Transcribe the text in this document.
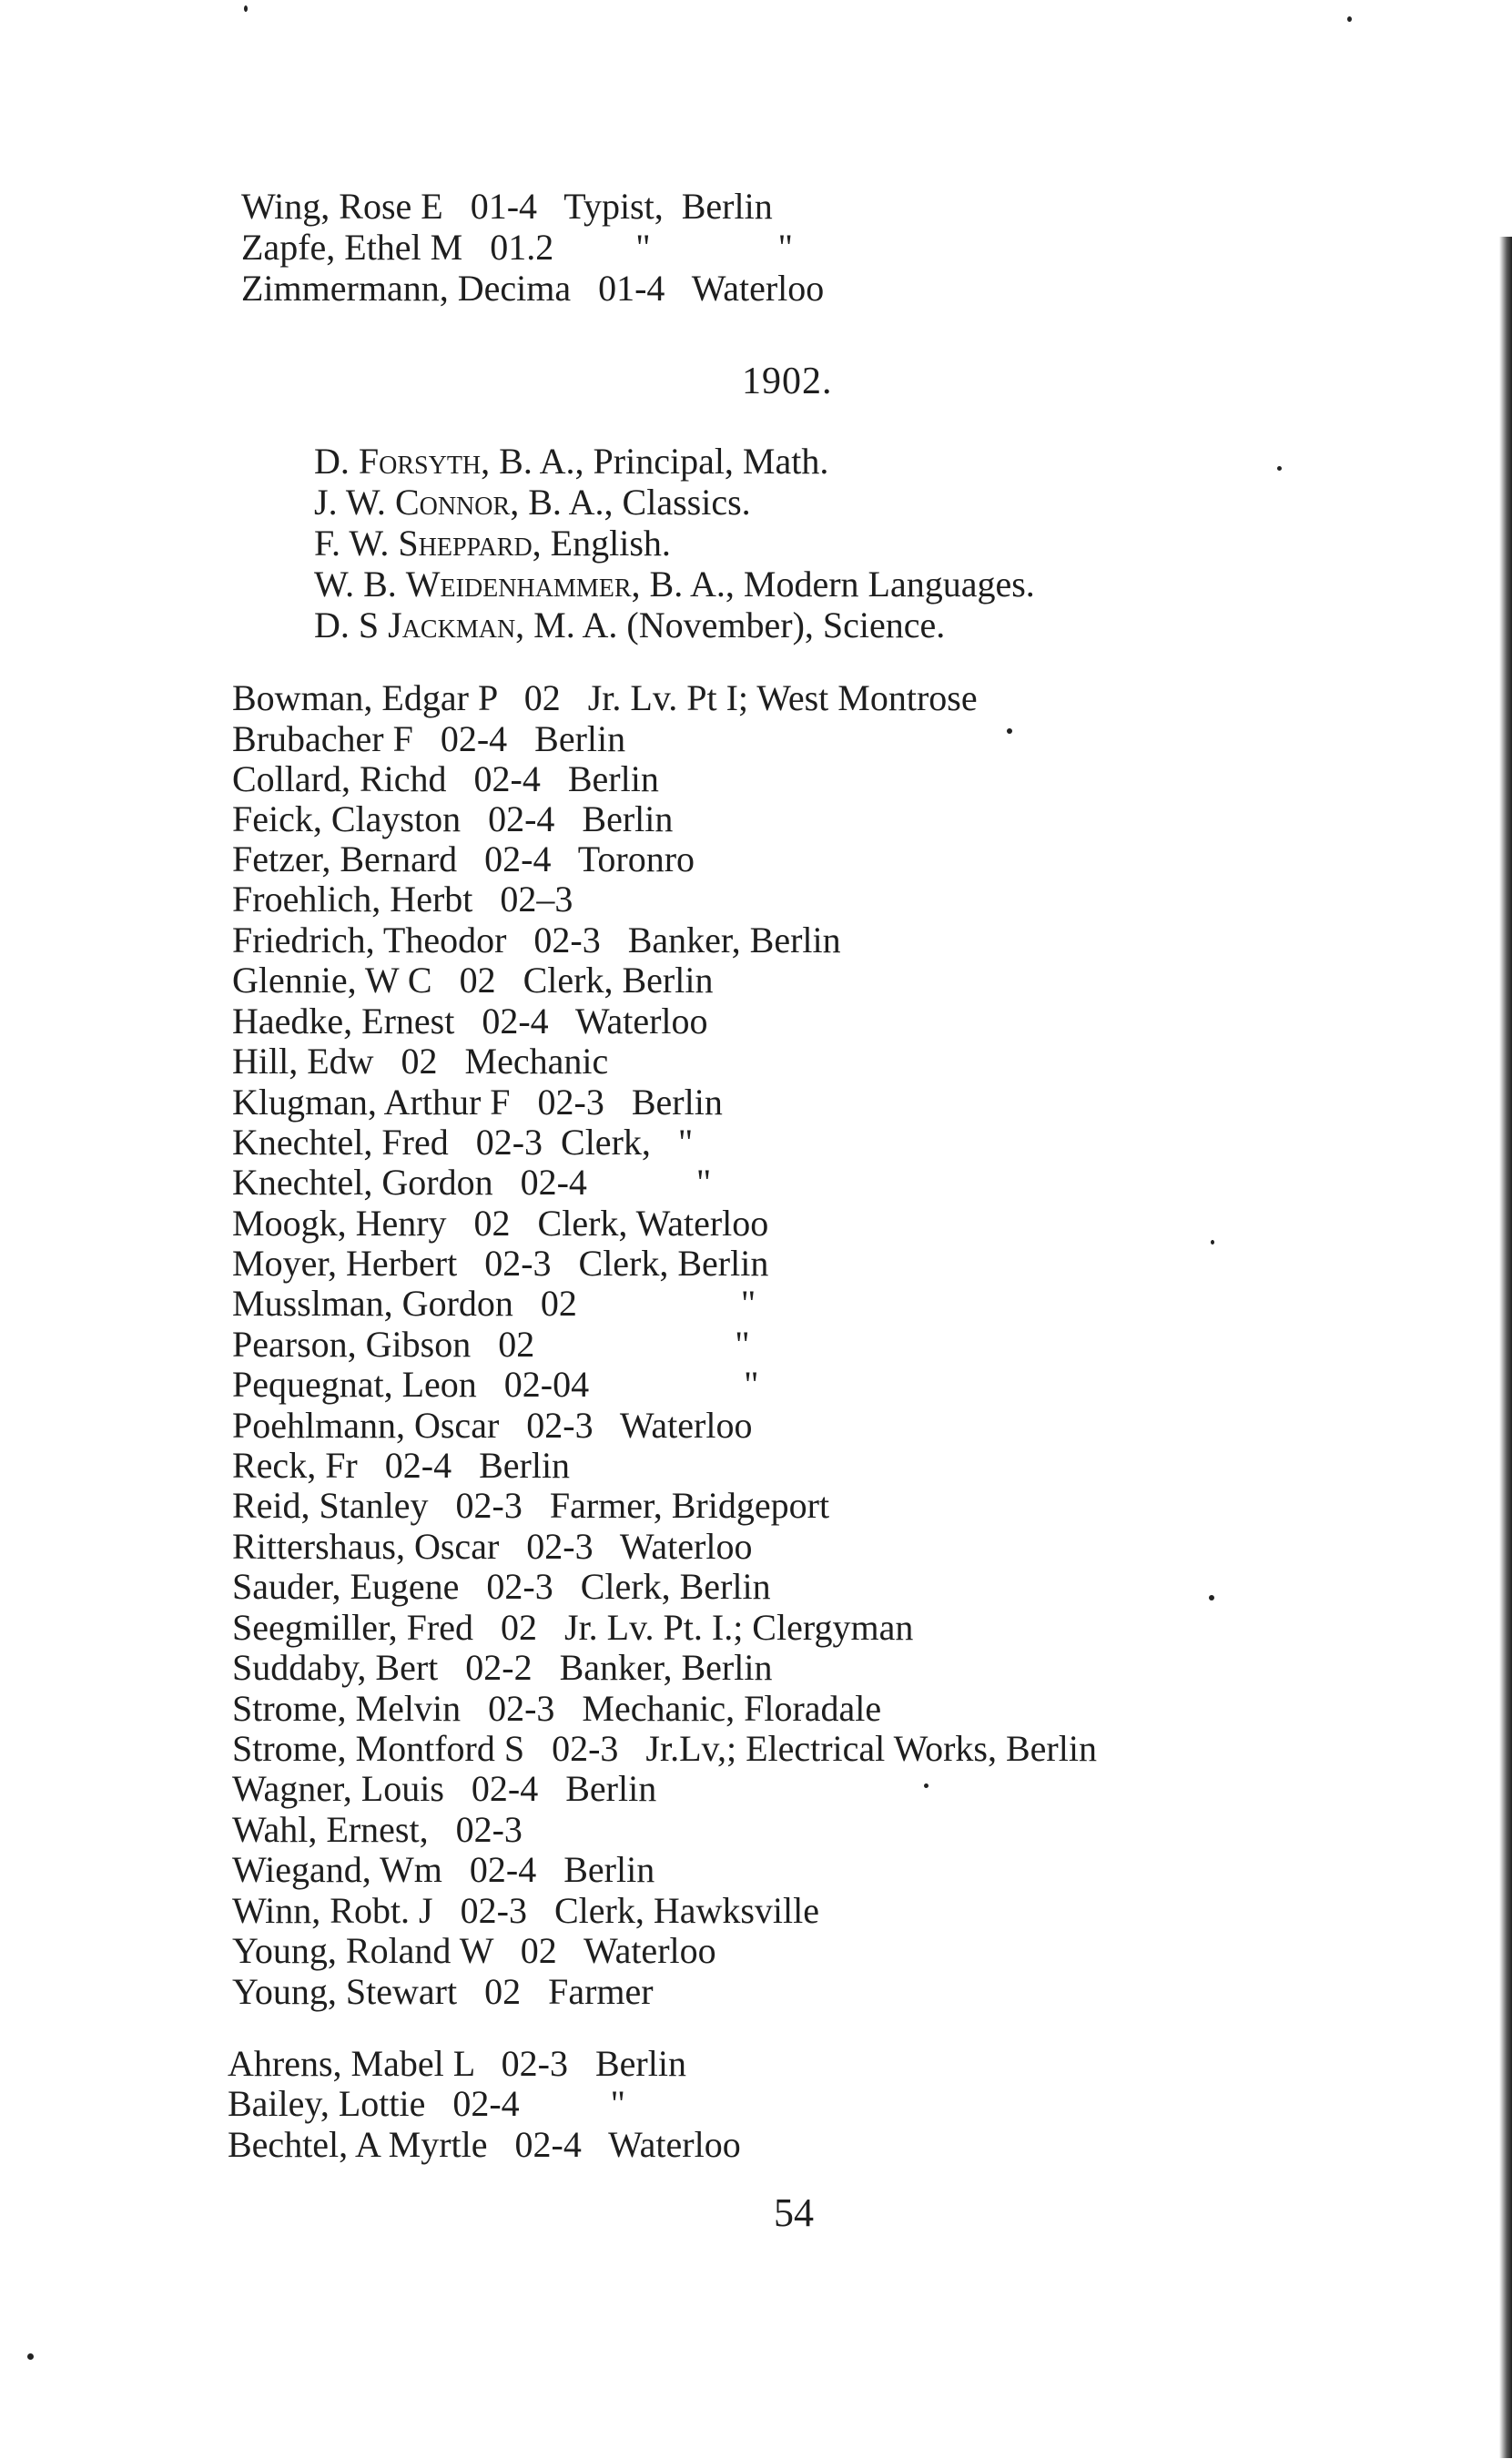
Wing, Rose E   01-4   Typist,  Berlin
Zapfe, Ethel M   01.2         "              "
Zimmermann, Decima   01-4   Waterloo
1902.
D. Forsyth, B. A., Principal, Math.
J. W. Connor, B. A., Classics.
F. W. Sheppard, English.
W. B. Weidenhammer, B. A., Modern Languages.
D. S Jackman, M. A. (November), Science.
Bowman, Edgar P   02   Jr. Lv. Pt I; West Montrose
Brubacher F   02-4   Berlin
Collard, Richd   02-4   Berlin
Feick, Clayston   02-4   Berlin
Fetzer, Bernard   02-4   Toronro
Froehlich, Herbt   02–3
Friedrich, Theodor   02-3   Banker, Berlin
Glennie, W C   02   Clerk, Berlin
Haedke, Ernest   02-4   Waterloo
Hill, Edw   02   Mechanic
Klugman, Arthur F   02-3   Berlin
Knechtel, Fred   02-3  Clerk,   "
Knechtel, Gordon   02-4            "
Moogk, Henry   02   Clerk, Waterloo
Moyer, Herbert   02-3   Clerk, Berlin
Musslman, Gordon   02                  "
Pearson, Gibson   02                      "
Pequegnat, Leon   02-04                 "
Poehlmann, Oscar   02-3   Waterloo
Reck, Fr   02-4   Berlin
Reid, Stanley   02-3   Farmer, Bridgeport
Rittershaus, Oscar   02-3   Waterloo
Sauder, Eugene   02-3   Clerk, Berlin
Seegmiller, Fred   02   Jr. Lv. Pt. I.; Clergyman
Suddaby, Bert   02-2   Banker, Berlin
Strome, Melvin   02-3   Mechanic, Floradale
Strome, Montford S   02-3   Jr.Lv,; Electrical Works, Berlin
Wagner, Louis   02-4   Berlin
Wahl, Ernest,   02-3
Wiegand, Wm   02-4   Berlin
Winn, Robt. J   02-3   Clerk, Hawksville
Young, Roland W   02   Waterloo
Young, Stewart   02   Farmer
Ahrens, Mabel L   02-3   Berlin
Bailey, Lottie   02-4          "
Bechtel, A Myrtle   02-4   Waterloo
54
